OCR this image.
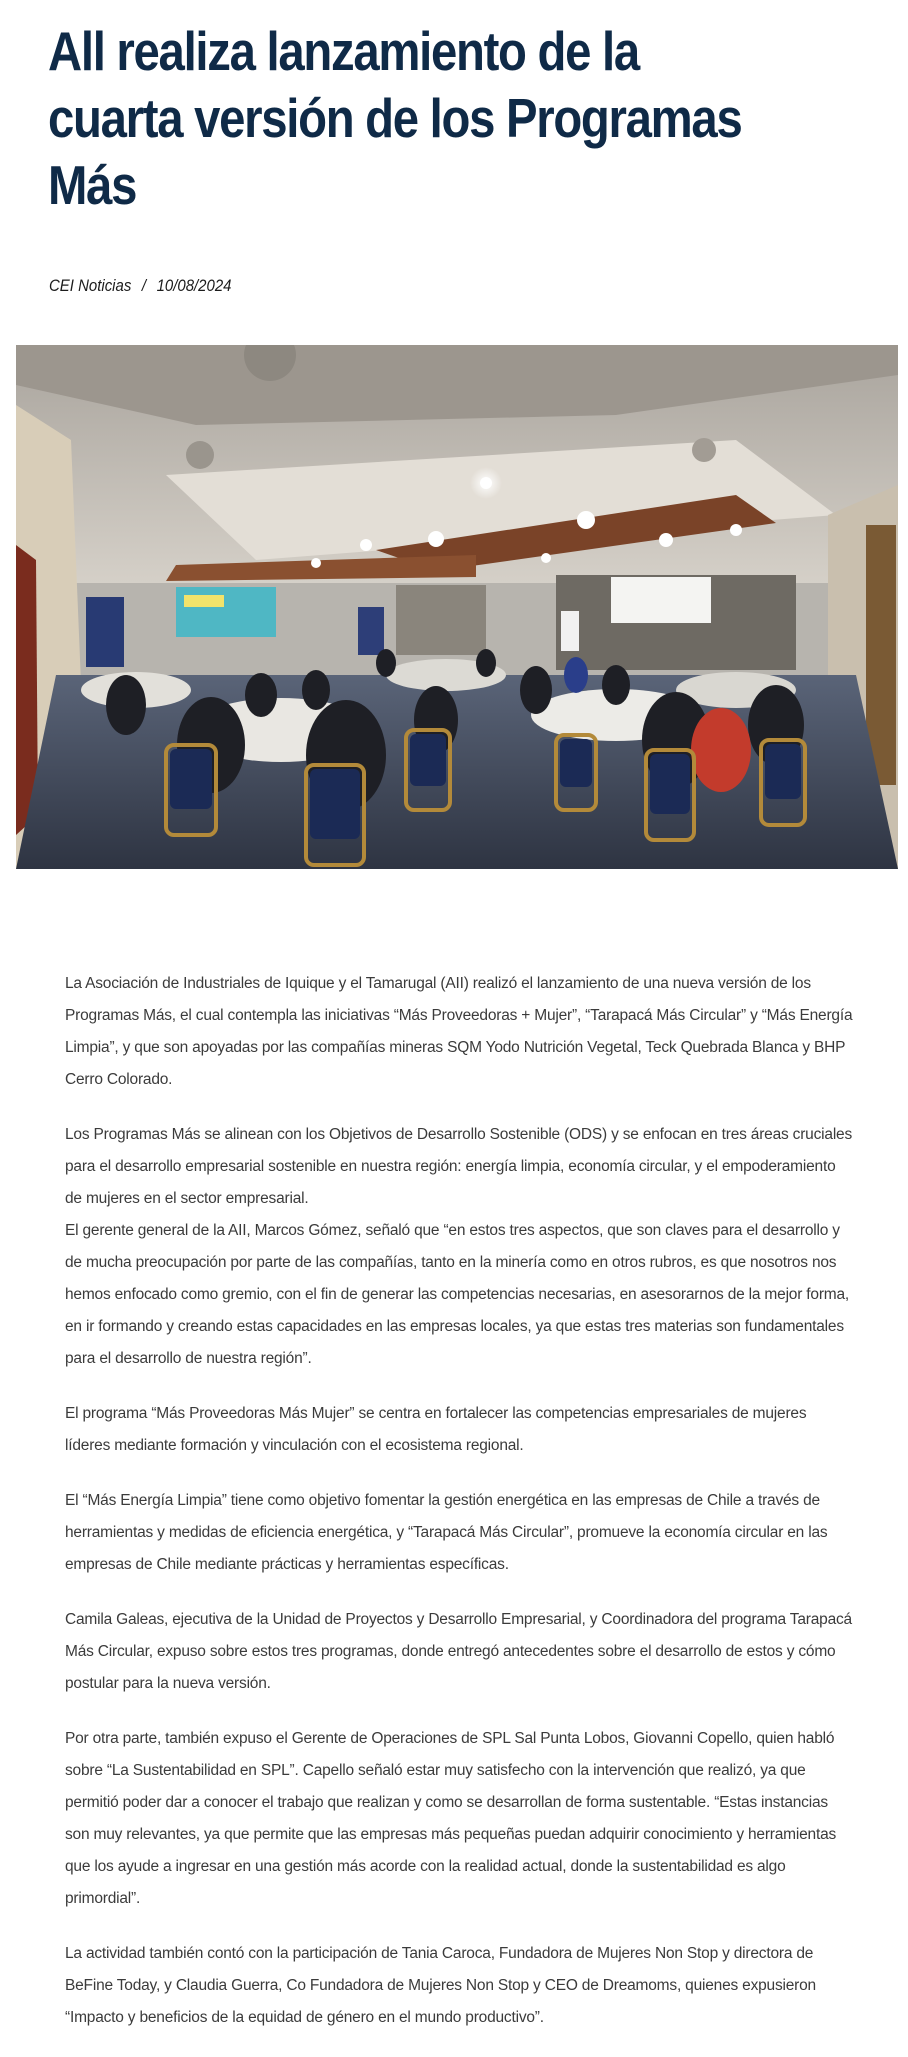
All realiza lanzamiento de la cuarta versión de los Programas Más
CEI Noticias / 10/08/2024

La Asociación de Industriales de Iquique y el Tamarugal (AII) realizó el lanzamiento de una nueva versión de los Programas Más, el cual contempla las iniciativas “Más Proveedoras + Mujer”, “Tarapacá Más Circular” y “Más Energía Limpia”, y que son apoyadas por las compañías mineras SQM Yodo Nutrición Vegetal, Teck Quebrada Blanca y BHP Cerro Colorado.

Los Programas Más se alinean con los Objetivos de Desarrollo Sostenible (ODS) y se enfocan en tres áreas cruciales para el desarrollo empresarial sostenible en nuestra región: energía limpia, economía circular, y el empoderamiento de mujeres en el sector empresarial.

El gerente general de la AII, Marcos Gómez, señaló que “en estos tres aspectos, que son claves para el desarrollo y de mucha preocupación por parte de las compañías, tanto en la minería como en otros rubros, es que nosotros nos hemos enfocado como gremio, con el fin de generar las competencias necesarias, en asesorarnos de la mejor forma, en ir formando y creando estas capacidades en las empresas locales, ya que estas tres materias son fundamentales para el desarrollo de nuestra región”.

El programa “Más Proveedoras Más Mujer” se centra en fortalecer las competencias empresariales de mujeres líderes mediante formación y vinculación con el ecosistema regional.

El “Más Energía Limpia” tiene como objetivo fomentar la gestión energética en las empresas de Chile a través de herramientas y medidas de eficiencia energética, y “Tarapacá Más Circular”, promueve la economía circular en las empresas de Chile mediante prácticas y herramientas específicas.

Camila Galeas, ejecutiva de la Unidad de Proyectos y Desarrollo Empresarial, y Coordinadora del programa Tarapacá Más Circular, expuso sobre estos tres programas, donde entregó antecedentes sobre el desarrollo de estos y cómo postular para la nueva versión.

Por otra parte, también expuso el Gerente de Operaciones de SPL Sal Punta Lobos, Giovanni Copello, quien habló sobre “La Sustentabilidad en SPL”. Capello señaló estar muy satisfecho con la intervención que realizó, ya que permitió poder dar a conocer el trabajo que realizan y como se desarrollan de forma sustentable. “Estas instancias son muy relevantes, ya que permite que las empresas más pequeñas puedan adquirir conocimiento y herramientas que los ayude a ingresar en una gestión más acorde con la realidad actual, donde la sustentabilidad es algo primordial”.

La actividad también contó con la participación de Tania Caroca, Fundadora de Mujeres Non Stop y directora de BeFine Today, y Claudia Guerra, Co Fundadora de Mujeres Non Stop y CEO de Dreamoms, quienes expusieron “Impacto y beneficios de la equidad de género en el mundo productivo”.
